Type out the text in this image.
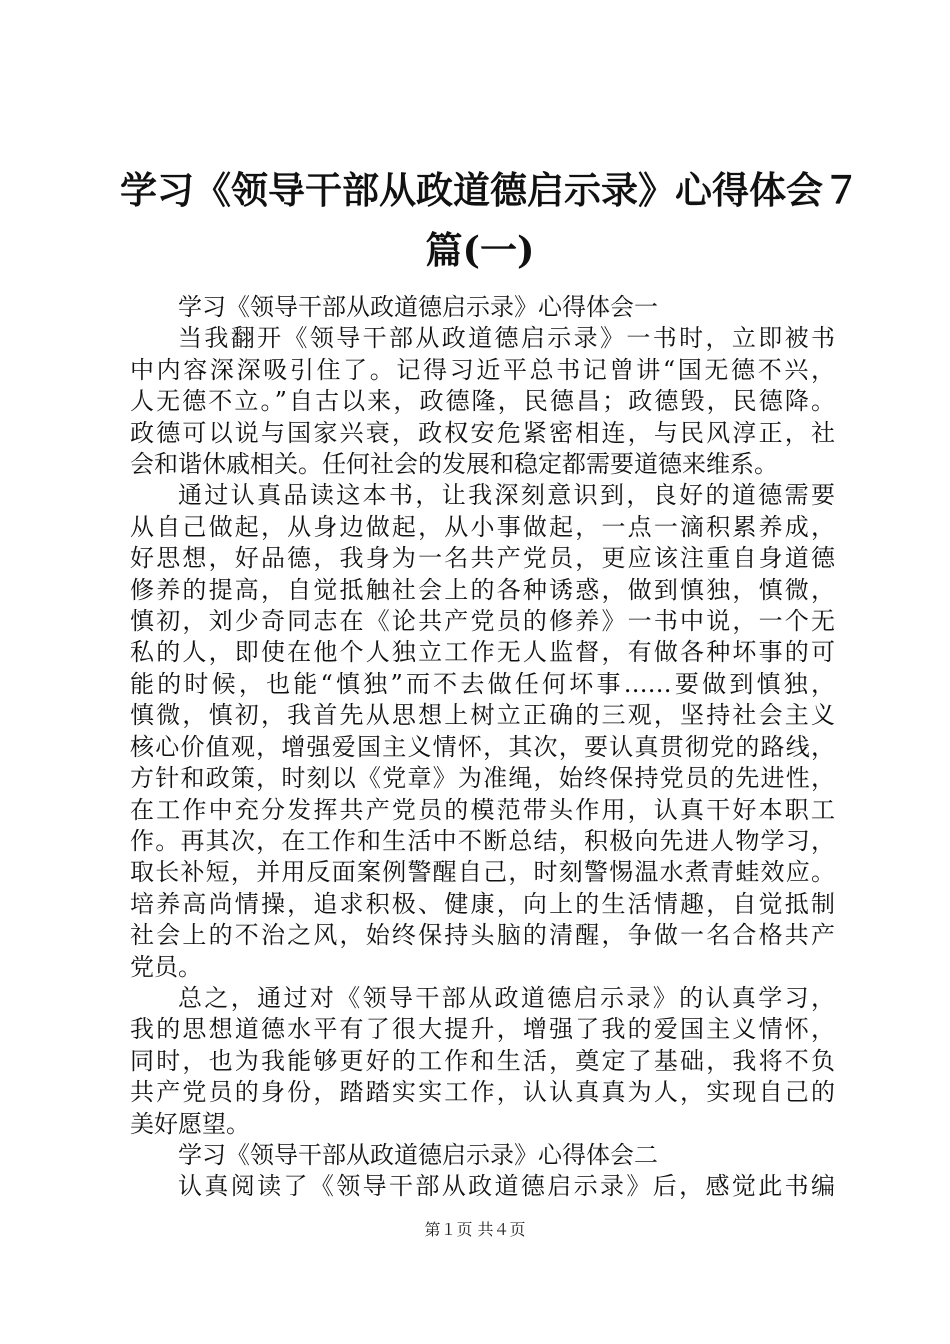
学习《领导干部从政道德启示录》心得体会７
篇(一)
学习《领导干部从政道德启示录》心得体会一
当我翻开《领导干部从政道德启示录》一书时，立即被书
中内容深深吸引住了。记得习近平总书记曾讲“国无德不兴，
人无德不立。”自古以来，政德隆，民德昌；政德毁，民德降。
政德可以说与国家兴衰，政权安危紧密相连，与民风淳正，社
会和谐休戚相关。任何社会的发展和稳定都需要道德来维系。
通过认真品读这本书，让我深刻意识到，良好的道德需要
从自己做起，从身边做起，从小事做起，一点一滴积累养成，
好思想，好品德，我身为一名共产党员，更应该注重自身道德
修养的提高，自觉抵触社会上的各种诱惑，做到慎独，慎微，
慎初，刘少奇同志在《论共产党员的修养》一书中说，一个无
私的人，即使在他个人独立工作无人监督，有做各种坏事的可
能的时候，也能“慎独”而不去做任何坏事……要做到慎独，
慎微，慎初，我首先从思想上树立正确的三观，坚持社会主义
核心价值观，增强爱国主义情怀，其次，要认真贯彻党的路线，
方针和政策，时刻以《党章》为准绳，始终保持党员的先进性，
在工作中充分发挥共产党员的模范带头作用，认真干好本职工
作。再其次，在工作和生活中不断总结，积极向先进人物学习，
取长补短，并用反面案例警醒自己，时刻警惕温水煮青蛙效应。
培养高尚情操，追求积极、健康，向上的生活情趣，自觉抵制
社会上的不治之风，始终保持头脑的清醒，争做一名合格共产
党员。
总之，通过对《领导干部从政道德启示录》的认真学习，
我的思想道德水平有了很大提升，增强了我的爱国主义情怀，
同时，也为我能够更好的工作和生活，奠定了基础，我将不负
共产党员的身份，踏踏实实工作，认认真真为人，实现自己的
美好愿望。
学习《领导干部从政道德启示录》心得体会二
认真阅读了《领导干部从政道德启示录》后，感觉此书编
第１页 共４页
